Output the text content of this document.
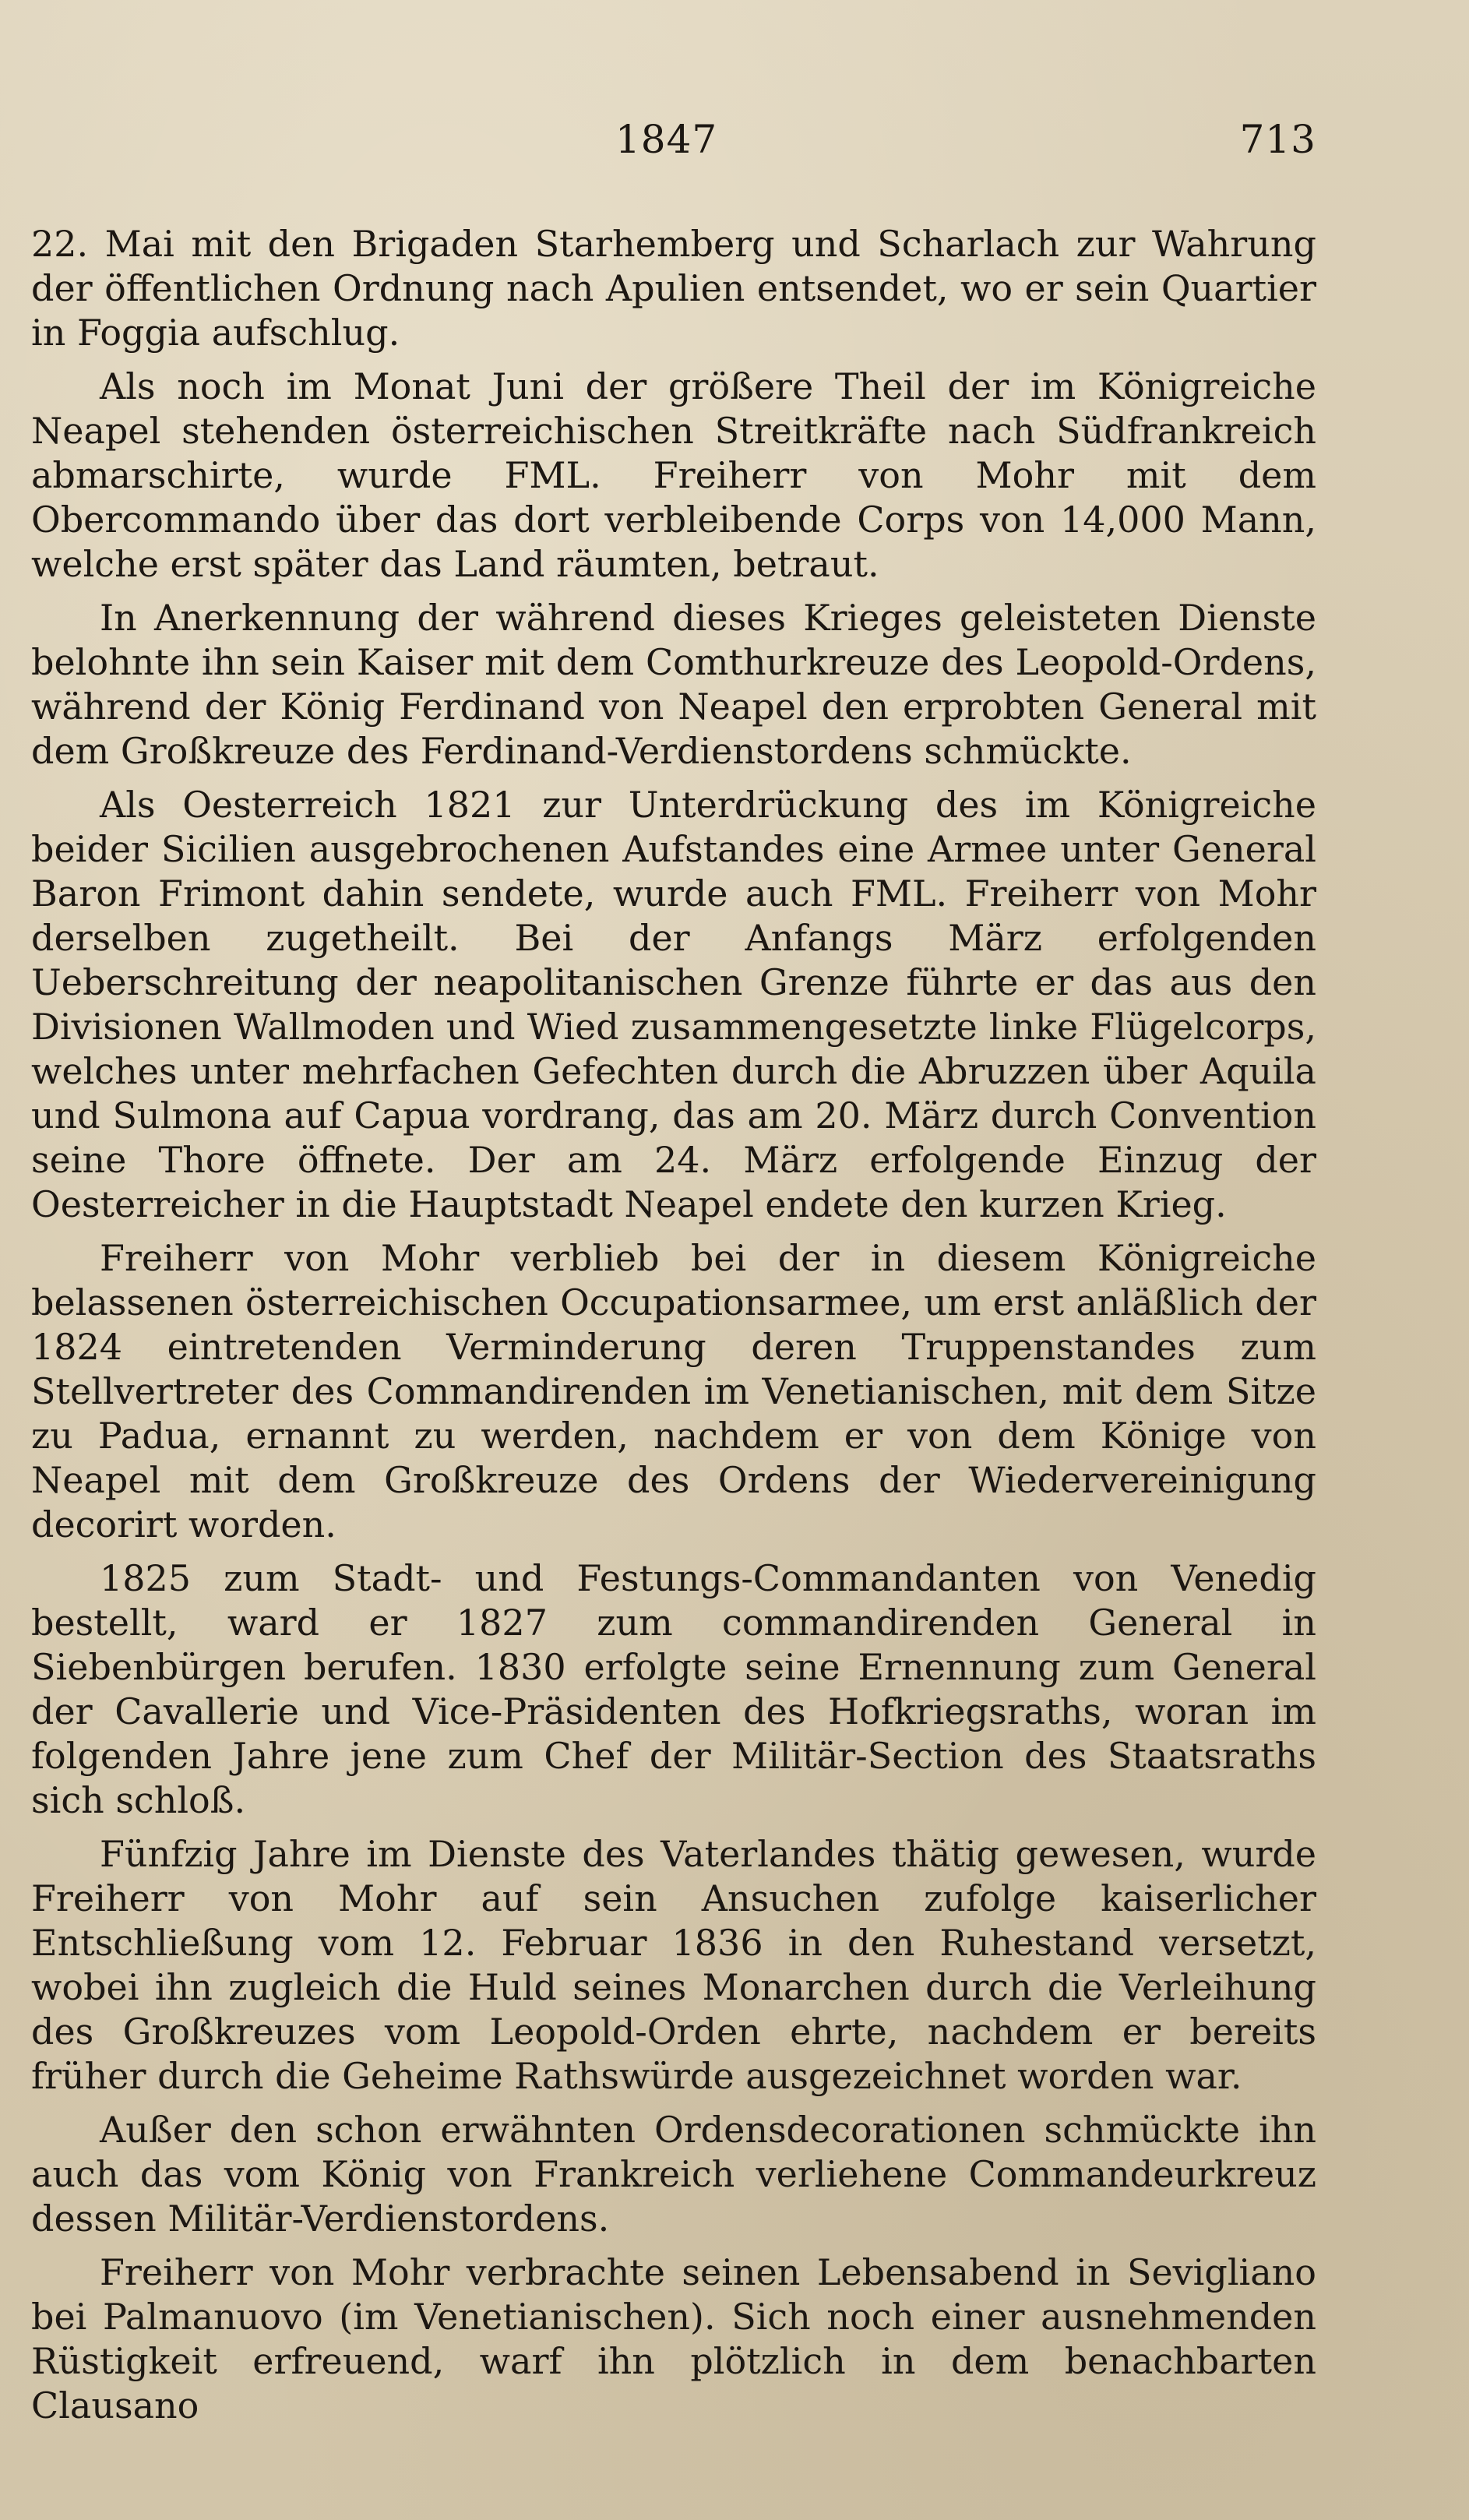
1847	713

22. Mai mit den Brigaden Starhemberg und Scharlach zur Wahrung der öffentlichen Ordnung nach Apulien entsendet, wo er sein Quartier in Foggia aufschlug.

Als noch im Monat Juni der größere Theil der im Königreiche Neapel stehenden österreichischen Streitkräfte nach Südfrankreich abmarschirte, wurde FML. Freiherr von Mohr mit dem Obercommando über das dort verbleibende Corps von 14,000 Mann, welche erst später das Land räumten, betraut.

In Anerkennung der während dieses Krieges geleisteten Dienste belohnte ihn sein Kaiser mit dem Comthurkreuze des Leopold-Ordens, während der König Ferdinand von Neapel den erprobten General mit dem Großkreuze des Ferdinand-Verdienstordens schmückte.

Als Oesterreich 1821 zur Unterdrückung des im Königreiche beider Sicilien ausgebrochenen Aufstandes eine Armee unter General Baron Frimont dahin sendete, wurde auch FML. Freiherr von Mohr derselben zugetheilt. Bei der Anfangs März erfolgenden Ueberschreitung der neapolitanischen Grenze führte er das aus den Divisionen Wallmoden und Wied zusammengesetzte linke Flügelcorps, welches unter mehrfachen Gefechten durch die Abruzzen über Aquila und Sulmona auf Capua vordrang, das am 20. März durch Convention seine Thore öffnete. Der am 24. März erfolgende Einzug der Oesterreicher in die Hauptstadt Neapel endete den kurzen Krieg.

Freiherr von Mohr verblieb bei der in diesem Königreiche belassenen österreichischen Occupationsarmee, um erst anläßlich der 1824 eintretenden Verminderung deren Truppenstandes zum Stellvertreter des Commandirenden im Venetianischen, mit dem Sitze zu Padua, ernannt zu werden, nachdem er von dem Könige von Neapel mit dem Großkreuze des Ordens der Wiedervereinigung decorirt worden.

1825 zum Stadt- und Festungs-Commandanten von Venedig bestellt, ward er 1827 zum commandirenden General in Siebenbürgen berufen. 1830 erfolgte seine Ernennung zum General der Cavallerie und Vice-Präsidenten des Hofkriegsraths, woran im folgenden Jahre jene zum Chef der Militär-Section des Staatsraths sich schloß.

Fünfzig Jahre im Dienste des Vaterlandes thätig gewesen, wurde Freiherr von Mohr auf sein Ansuchen zufolge kaiserlicher Entschließung vom 12. Februar 1836 in den Ruhestand versetzt, wobei ihn zugleich die Huld seines Monarchen durch die Verleihung des Großkreuzes vom Leopold-Orden ehrte, nachdem er bereits früher durch die Geheime Rathswürde ausgezeichnet worden war.

Außer den schon erwähnten Ordensdecorationen schmückte ihn auch das vom König von Frankreich verliehene Commandeurkreuz dessen Militär-Verdienstordens.

Freiherr von Mohr verbrachte seinen Lebensabend in Sevigliano bei Palmanuovo (im Venetianischen). Sich noch einer ausnehmenden Rüstigkeit erfreuend, warf ihn plötzlich in dem benachbarten Clausano
